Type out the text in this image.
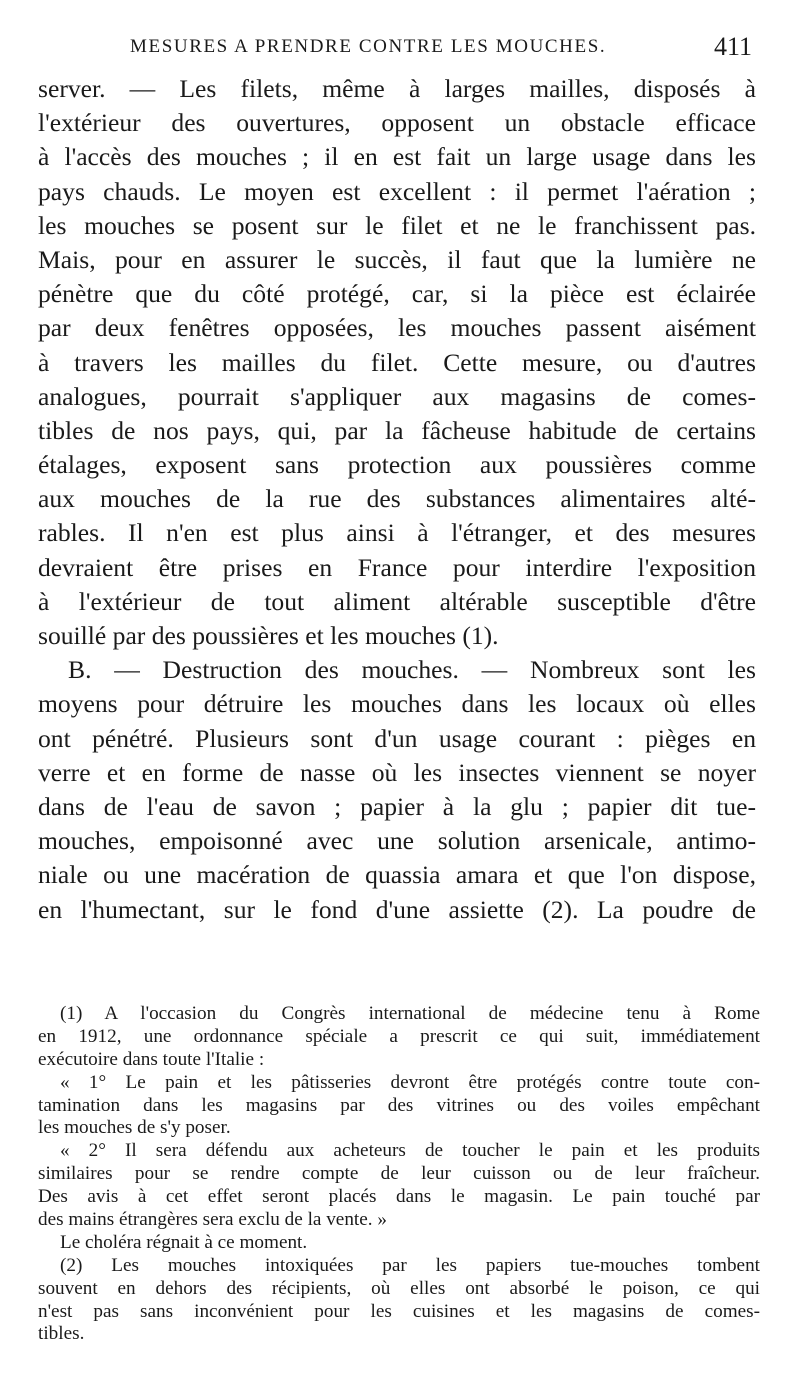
MESURES A PRENDRE CONTRE LES MOUCHES.	411
server. — Les filets, même à larges mailles, disposés à
l'extérieur des ouvertures, opposent un obstacle efficace
à l'accès des mouches ; il en est fait un large usage dans les
pays chauds. Le moyen est excellent : il permet l'aération ;
les mouches se posent sur le filet et ne le franchissent pas.
Mais, pour en assurer le succès, il faut que la lumière ne
pénètre que du côté protégé, car, si la pièce est éclairée
par deux fenêtres opposées, les mouches passent aisément
à travers les mailles du filet. Cette mesure, ou d'autres
analogues, pourrait s'appliquer aux magasins de comes-
tibles de nos pays, qui, par la fâcheuse habitude de certains
étalages, exposent sans protection aux poussières comme
aux mouches de la rue des substances alimentaires alté-
rables. Il n'en est plus ainsi à l'étranger, et des mesures
devraient être prises en France pour interdire l'exposition
à l'extérieur de tout aliment altérable susceptible d'être
souillé par des poussières et les mouches (1).
B. — Destruction des mouches. — Nombreux sont les
moyens pour détruire les mouches dans les locaux où elles
ont pénétré. Plusieurs sont d'un usage courant : pièges en
verre et en forme de nasse où les insectes viennent se noyer
dans de l'eau de savon ; papier à la glu ; papier dit tue-
mouches, empoisonné avec une solution arsenicale, antimo-
niale ou une macération de quassia amara et que l'on dispose,
en l'humectant, sur le fond d'une assiette (2). La poudre de
(1) A l'occasion du Congrès international de médecine tenu à Rome
en 1912, une ordonnance spéciale a prescrit ce qui suit, immédiatement
exécutoire dans toute l'Italie :
« 1° Le pain et les pâtisseries devront être protégés contre toute con-
tamination dans les magasins par des vitrines ou des voiles empêchant
les mouches de s'y poser.
« 2° Il sera défendu aux acheteurs de toucher le pain et les produits
similaires pour se rendre compte de leur cuisson ou de leur fraîcheur.
Des avis à cet effet seront placés dans le magasin. Le pain touché par
des mains étrangères sera exclu de la vente. »
Le choléra régnait à ce moment.
(2) Les mouches intoxiquées par les papiers tue-mouches tombent
souvent en dehors des récipients, où elles ont absorbé le poison, ce qui
n'est pas sans inconvénient pour les cuisines et les magasins de comes-
tibles.
